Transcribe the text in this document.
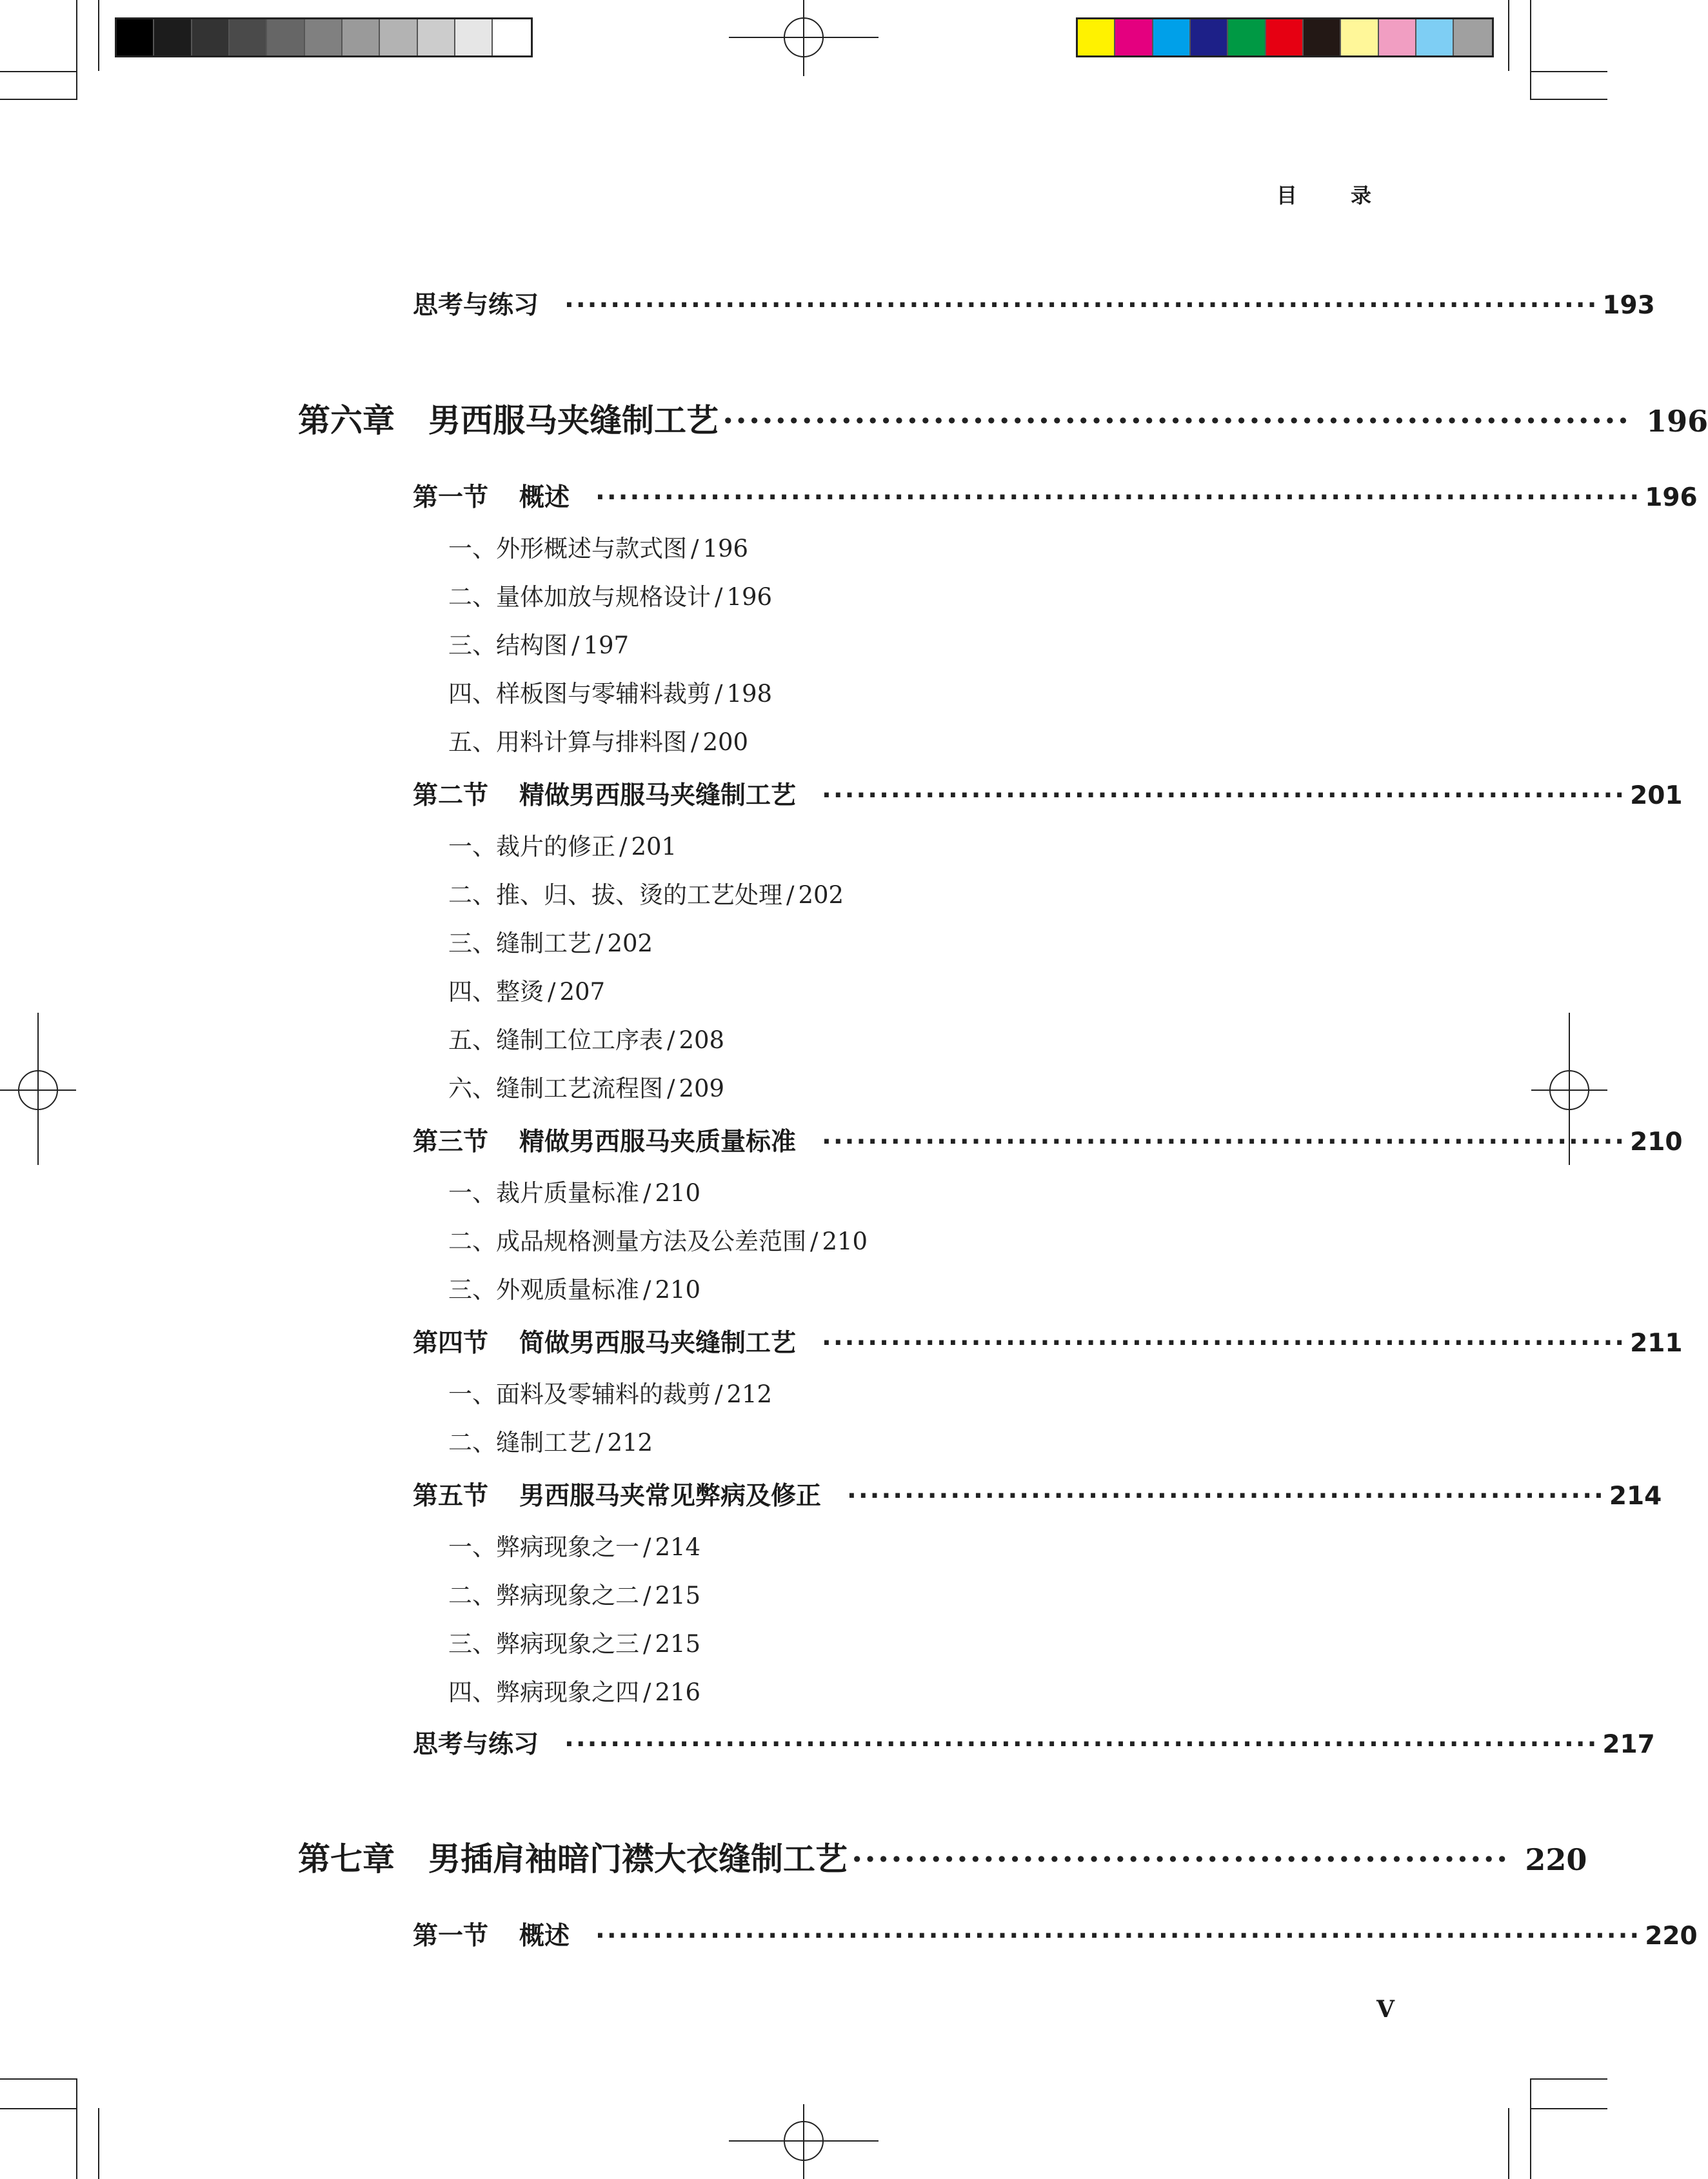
目 录
思考与练习 ·························································································· 193
第六章 男西服马夹缝制工艺 ····································································· 196
第一节 概述 ··························································································· 196
一、外形概述与款式图 / 196
二、量体加放与规格设计 / 196
三、结构图 / 197
四、样板图与零辅料裁剪 / 198
五、用料计算与排料图 / 200
第二节 精做男西服马夹缝制工艺 ······································································ 201
一、裁片的修正 / 201
二、推、归、拔、烫的工艺处理 / 202
三、缝制工艺 / 202
四、整烫 / 207
五、缝制工位工序表 / 208
六、缝制工艺流程图 / 209
第三节 精做男西服马夹质量标准 ······································································ 210
一、裁片质量标准 / 210
二、成品规格测量方法及公差范围 / 210
三、外观质量标准 / 210
第四节 简做男西服马夹缝制工艺 ······································································ 211
一、面料及零辅料的裁剪 / 212
二、缝制工艺 / 212
第五节 男西服马夹常见弊病及修正 ·································································· 214
一、弊病现象之一 / 214
二、弊病现象之二 / 215
三、弊病现象之三 / 215
四、弊病现象之四 / 216
思考与练习 ·························································································· 217
第七章 男插肩袖暗门襟大衣缝制工艺 ·················································· 220
第一节 概述 ··························································································· 220
V
